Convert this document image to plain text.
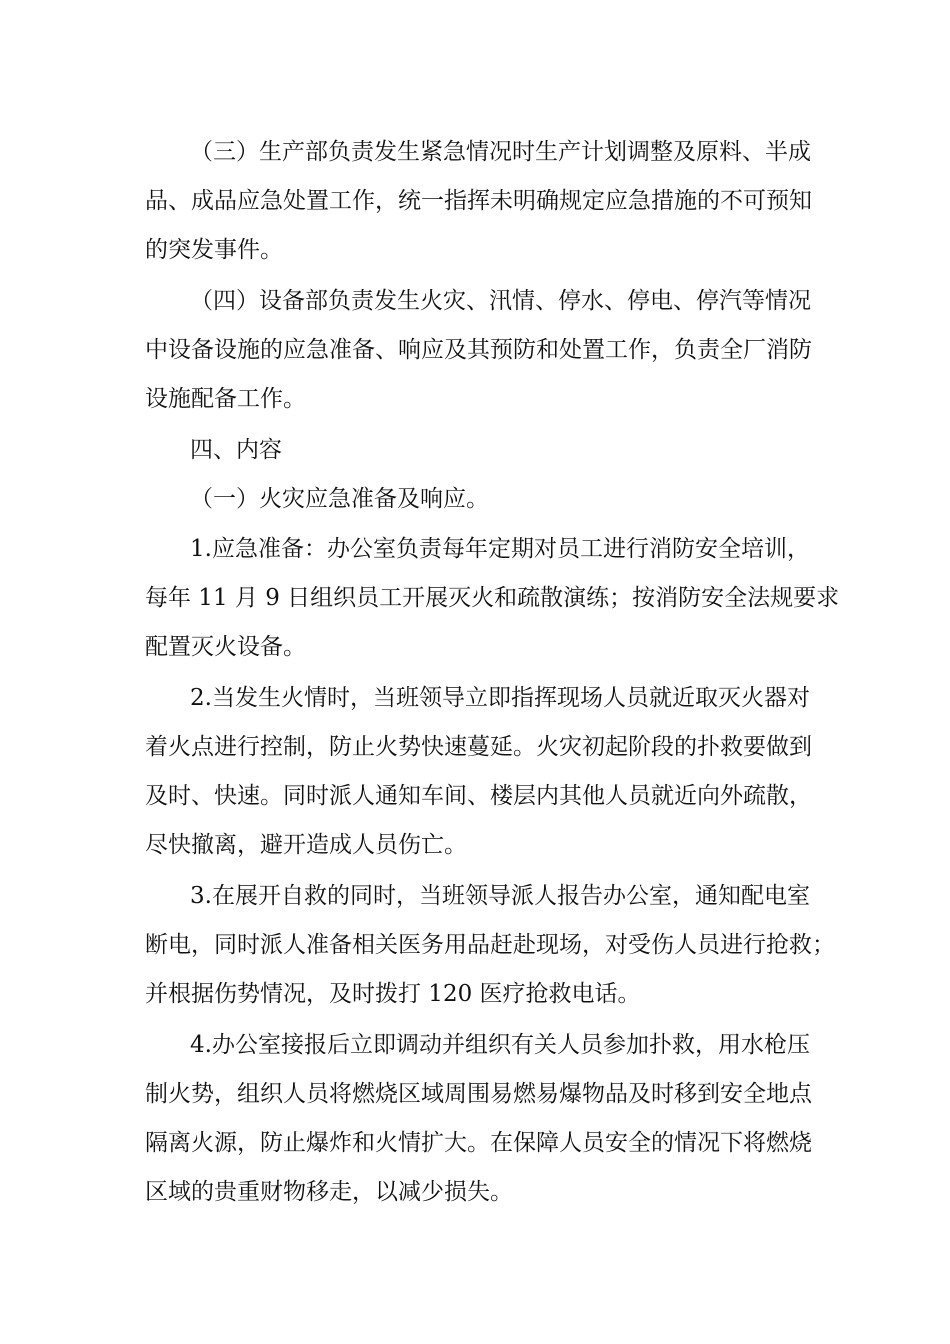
（三）生产部负责发生紧急情况时生产计划调整及原料、半成
品、成品应急处置工作，统一指挥未明确规定应急措施的不可预知
的突发事件。
（四）设备部负责发生火灾、汛情、停水、停电、停汽等情况
中设备设施的应急准备、响应及其预防和处置工作，负责全厂消防
设施配备工作。
四、内容
（一）火灾应急准备及响应。
1.应急准备：办公室负责每年定期对员工进行消防安全培训，
每年 11 月 9 日组织员工开展灭火和疏散演练；按消防安全法规要求
配置灭火设备。
2.当发生火情时，当班领导立即指挥现场人员就近取灭火器对
着火点进行控制，防止火势快速蔓延。火灾初起阶段的扑救要做到
及时、快速。同时派人通知车间、楼层内其他人员就近向外疏散，
尽快撤离，避开造成人员伤亡。
3.在展开自救的同时，当班领导派人报告办公室，通知配电室
断电，同时派人准备相关医务用品赶赴现场，对受伤人员进行抢救；
并根据伤势情况，及时拨打 120 医疗抢救电话。
4.办公室接报后立即调动并组织有关人员参加扑救，用水枪压
制火势，组织人员将燃烧区域周围易燃易爆物品及时移到安全地点
隔离火源，防止爆炸和火情扩大。在保障人员安全的情况下将燃烧
区域的贵重财物移走，以减少损失。
